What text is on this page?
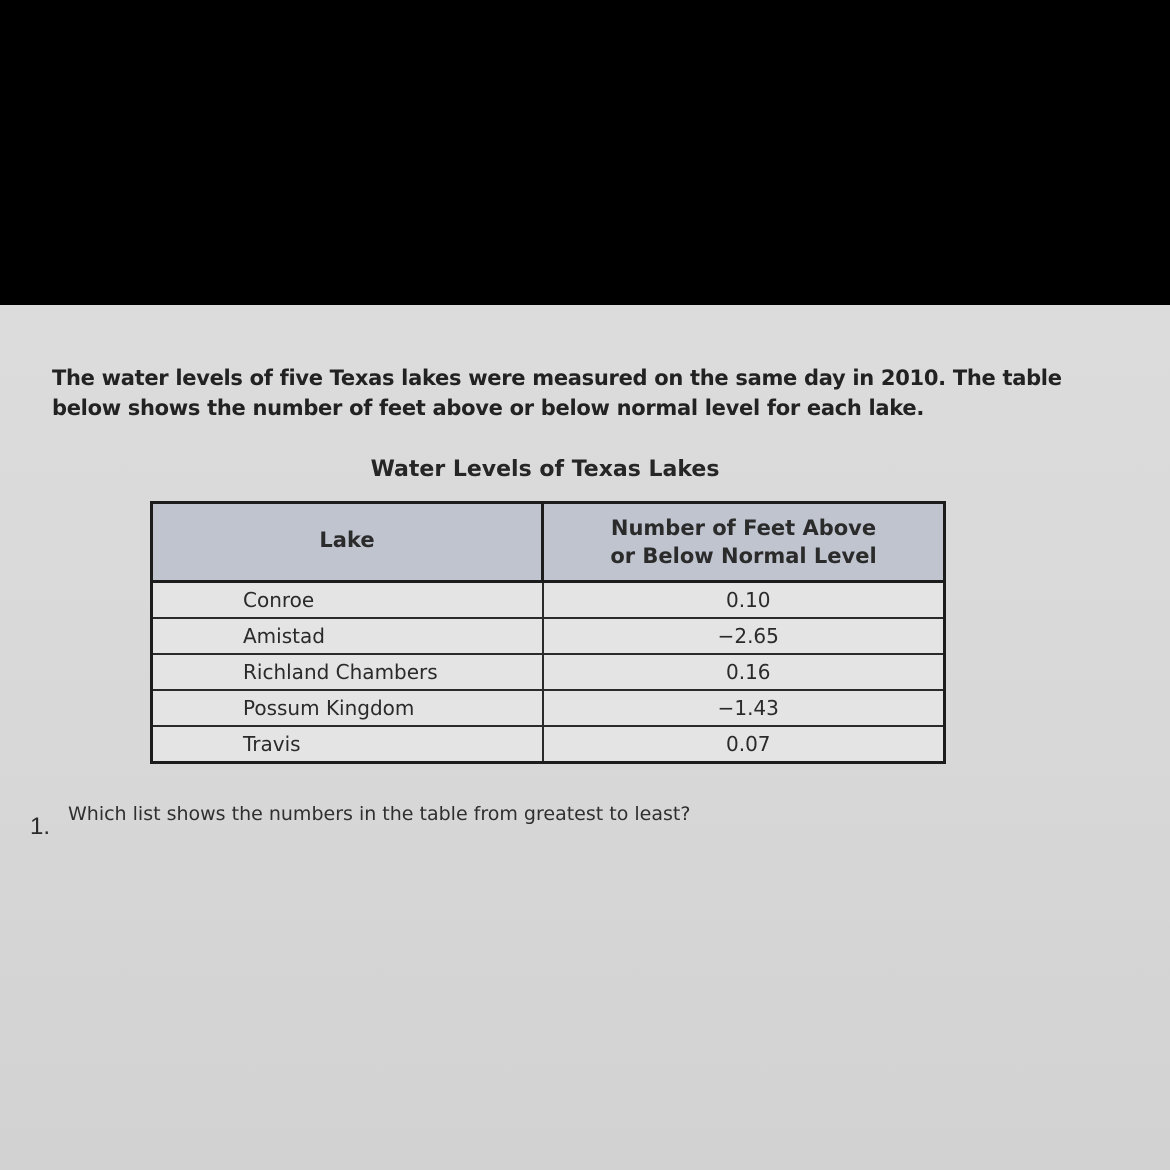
The water levels of five Texas lakes were measured on the same day in 2010. The table below shows the number of feet above or below normal level for each lake.

Water Levels of Texas Lakes

Lake	Number of Feet Above
or Below Normal Level
Conroe	0.10
Amistad	−2.65
Richland Chambers	0.16
Possum Kingdom	−1.43
Travis	0.07

1. Which list shows the numbers in the table from greatest to least?
